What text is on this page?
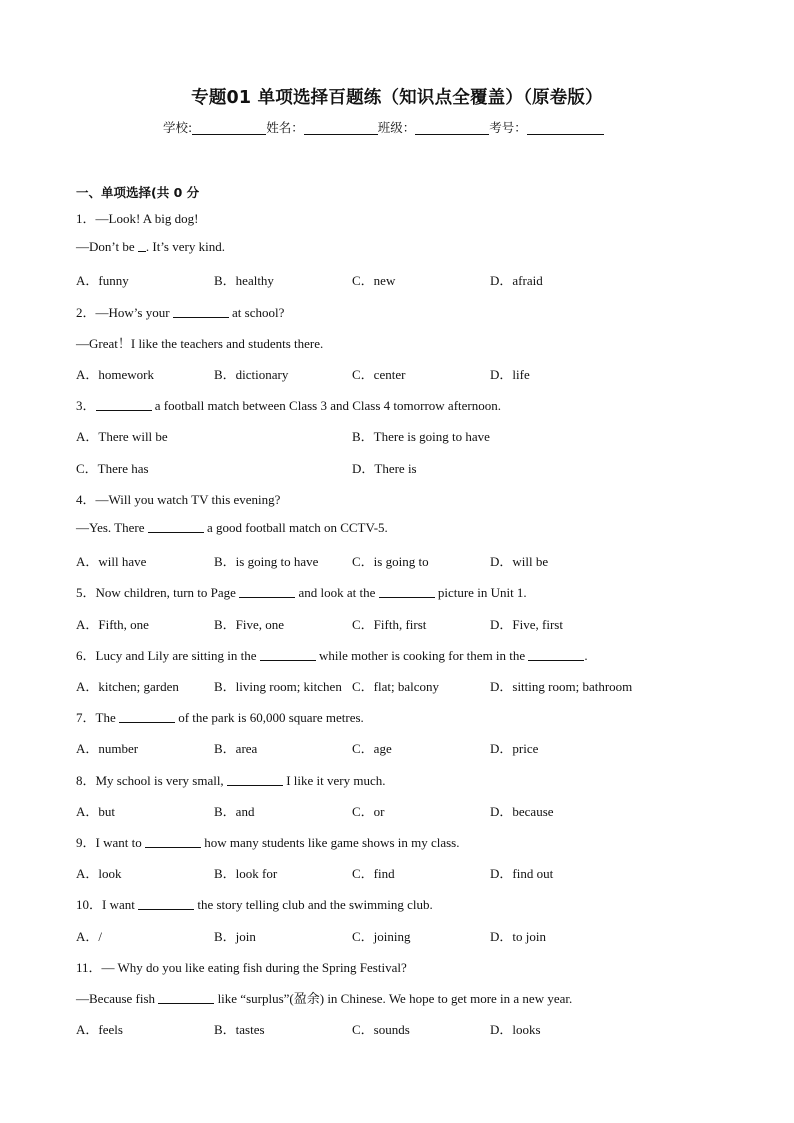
专题01 单项选择百题练（知识点全覆盖）（原卷版）
学校:	姓名：	班级：	考号：
一、单项选择(共 0 分
1．—Look! A big dog!
—Don’t be . It’s very kind.
A．funny	B．healthy	C．new	D．afraid
2．—How’s your	at school?
—Great！I like the teachers and students there.
A．homework	B．dictionary	C．center	D．life
3．	a football match between Class 3 and Class 4 tomorrow afternoon.
A．There will be	B．There is going to have
C．There has	D．There is
4．—Will you watch TV this evening?
—Yes. There	a good football match on CCTV-5.
A．will have	B．is going to have	C．is going to	D．will be
5．Now children, turn to Page	and look at the	picture in Unit 1.
A．Fifth, one	B．Five, one	C．Fifth, first	D．Five, first
6．Lucy and Lily are sitting in the	while mother is cooking for them in the	.
A．kitchen; garden	B．living room; kitchen C．flat; balcony	D．sitting room; bathroom
7．The	of the park is 60,000 square metres.
A．number	B．area	C．age	D．price
8．My school is very small,	I like it very much.
A．but	B．and	C．or	D．because
9．I want to	how many students like game shows in my class.
A．look	B．look for	C．find	D．find out
10．I want	the story telling club and the swimming club.
A．/	B．join	C．joining	D．to join
11．— Why do you like eating fish during the Spring Festival?
—Because fish	like “surplus”(盈余) in Chinese. We hope to get more in a new year.
A．feels	B．tastes	C．sounds	D．looks
